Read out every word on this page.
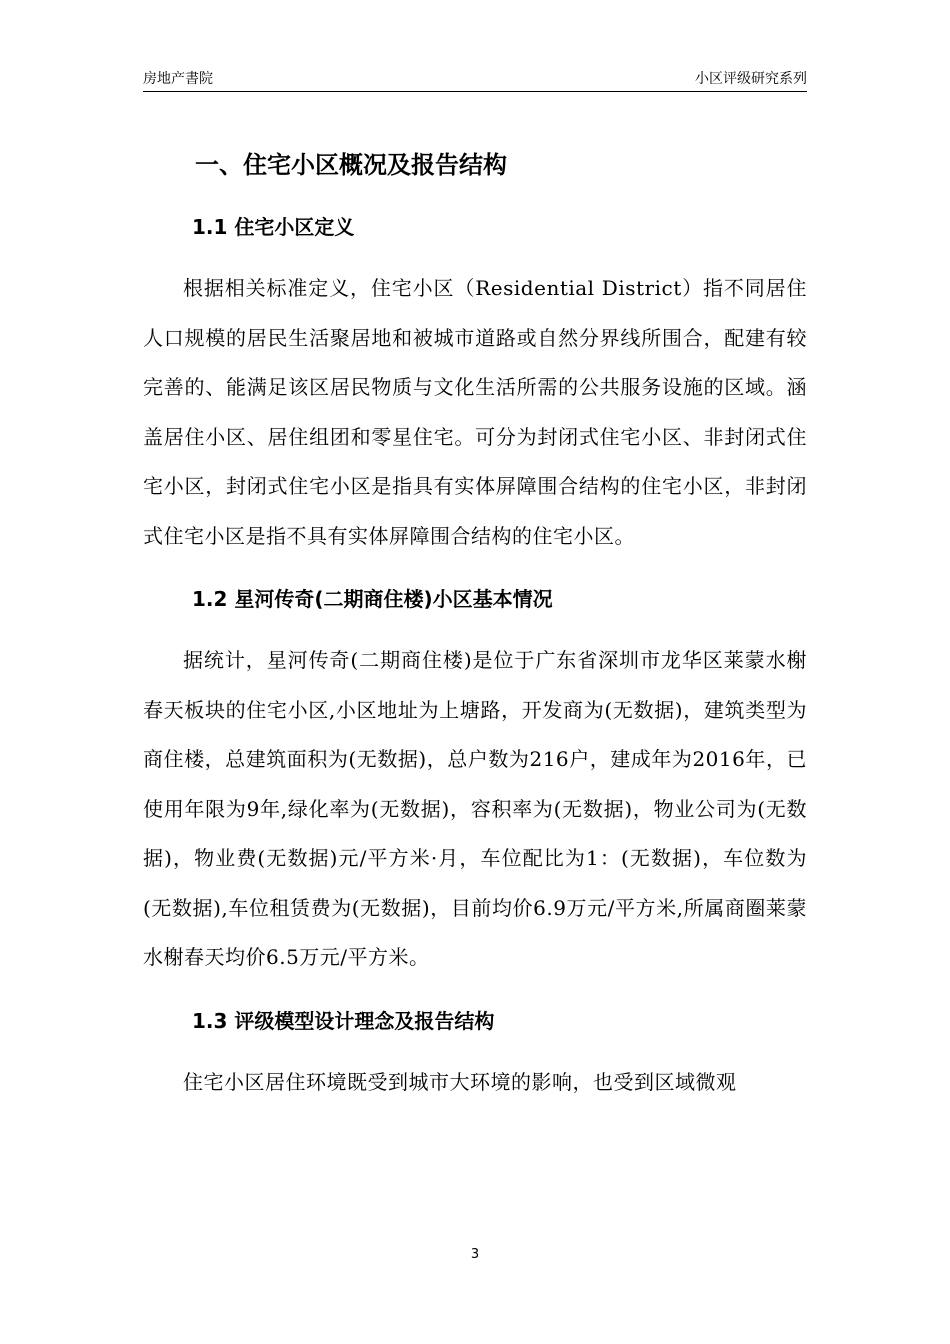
房地产書院	小区评级研究系列
一、住宅小区概况及报告结构
1.1 住宅小区定义

根据相关标准定义，住宅小区（Residential District）指不同居住人口规模的居民生活聚居地和被城市道路或自然分界线所围合，配建有较完善的、能满足该区居民物质与文化生活所需的公共服务设施的区域。涵盖居住小区、居住组团和零星住宅。可分为封闭式住宅小区、非封闭式住宅小区，封闭式住宅小区是指具有实体屏障围合结构的住宅小区，非封闭式住宅小区是指不具有实体屏障围合结构的住宅小区。

1.2 星河传奇(二期商住楼)小区基本情况

据统计，星河传奇(二期商住楼)是位于广东省深圳市龙华区莱蒙水榭春天板块的住宅小区,小区地址为上塘路，开发商为(无数据)，建筑类型为商住楼，总建筑面积为(无数据)，总户数为216户，建成年为2016年，已使用年限为9年,绿化率为(无数据)，容积率为(无数据)，物业公司为(无数据)，物业费(无数据)元/平方米·月，车位配比为1：(无数据)，车位数为(无数据),车位租赁费为(无数据)，目前均价6.9万元/平方米,所属商圈莱蒙水榭春天均价6.5万元/平方米。

1.3 评级模型设计理念及报告结构

住宅小区居住环境既受到城市大环境的影响，也受到区域微观

3
